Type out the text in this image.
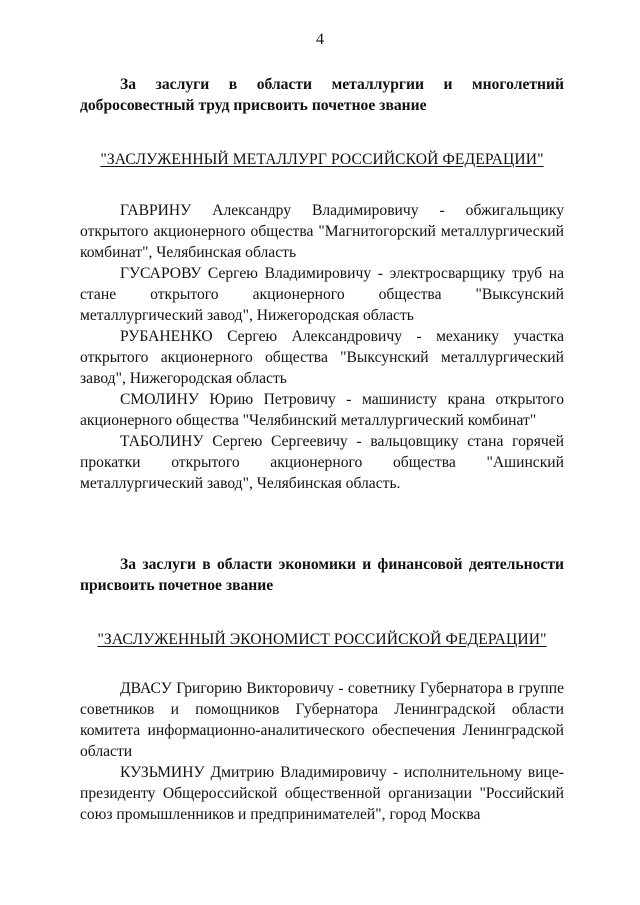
4

За заслуги в области металлургии и многолетний добросовестный труд присвоить почетное звание

"ЗАСЛУЖЕННЫЙ МЕТАЛЛУРГ РОССИЙСКОЙ ФЕДЕРАЦИИ"

ГАВРИНУ Александру Владимировичу - обжигальщику открытого акционерного общества "Магнитогорский металлургический комбинат", Челябинская область

ГУСАРОВУ Сергею Владимировичу - электросварщику труб на стане открытого акционерного общества "Выксунский металлургический завод", Нижегородская область

РУБАНЕНКО Сергею Александровичу - механику участка открытого акционерного общества "Выксунский металлургический завод", Нижегородская область

СМОЛИНУ Юрию Петровичу - машинисту крана открытого акционерного общества "Челябинский металлургический комбинат"

ТАБОЛИНУ Сергею Сергеевичу - вальцовщику стана горячей прокатки открытого акционерного общества "Ашинский металлургический завод", Челябинская область.

За заслуги в области экономики и финансовой деятельности присвоить почетное звание

"ЗАСЛУЖЕННЫЙ ЭКОНОМИСТ РОССИЙСКОЙ ФЕДЕРАЦИИ"

ДВАСУ Григорию Викторовичу - советнику Губернатора в группе советников и помощников Губернатора Ленинградской области комитета информационно-аналитического обеспечения Ленинградской области

КУЗЬМИНУ Дмитрию Владимировичу - исполнительному вице-президенту Общероссийской общественной организации "Российский союз промышленников и предпринимателей", город Москва
